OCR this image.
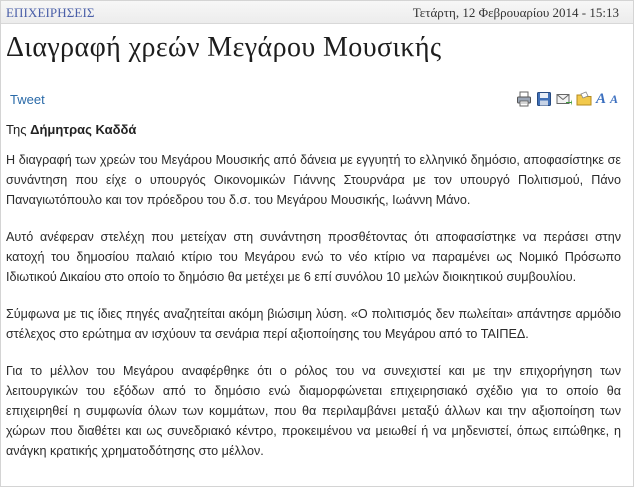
ΕΠΙΧΕΙΡΗΣΕΙΣ	Τετάρτη, 12 Φεβρουαρίου 2014 - 15:13
Διαγραφή χρεών Μεγάρου Μουσικής
Tweet	A A
Της Δήμητρας Καδδά

Η διαγραφή των χρεών του Μεγάρου Μουσικής από δάνεια με εγγυητή το ελληνικό δημόσιο, αποφασίστηκε σε συνάντηση που είχε ο υπουργός Οικονομικών Γιάννης Στουρνάρα με τον υπουργό Πολιτισμού, Πάνο Παναγιωτόπουλο και τον πρόεδρου του δ.σ. του Μεγάρου Μουσικής, Ιωάννη Μάνο.

Αυτό ανέφεραν στελέχη που μετείχαν στη συνάντηση προσθέτοντας ότι αποφασίστηκε να περάσει στην κατοχή του δημοσίου παλαιό κτίριο του Μεγάρου ενώ το νέο κτίριο να παραμένει ως Νομικό Πρόσωπο Ιδιωτικού Δικαίου στο οποίο το δημόσιο θα μετέχει με 6 επί συνόλου 10 μελών διοικητικού συμβουλίου.

Σύμφωνα με τις ίδιες πηγές αναζητείται ακόμη βιώσιμη λύση. «Ο πολιτισμός δεν πωλείται» απάντησε αρμόδιο στέλεχος στο ερώτημα αν ισχύουν τα σενάρια περί αξιοποίησης του Μεγάρου από το ΤΑΙΠΕΔ.

Για το μέλλον του Μεγάρου αναφέρθηκε ότι ο ρόλος του να συνεχιστεί και με την επιχορήγηση των λειτουργικών του εξόδων από το δημόσιο ενώ διαμορφώνεται επιχειρησιακό σχέδιο για το οποίο θα επιχειρηθεί η συμφωνία όλων των κομμάτων, που θα περιλαμβάνει μεταξύ άλλων και την αξιοποίηση των χώρων που διαθέτει και ως συνεδριακό κέντρο, προκειμένου να μειωθεί ή να μηδενιστεί, όπως ειπώθηκε, η ανάγκη κρατικής χρηματοδότησης στο μέλλον.
